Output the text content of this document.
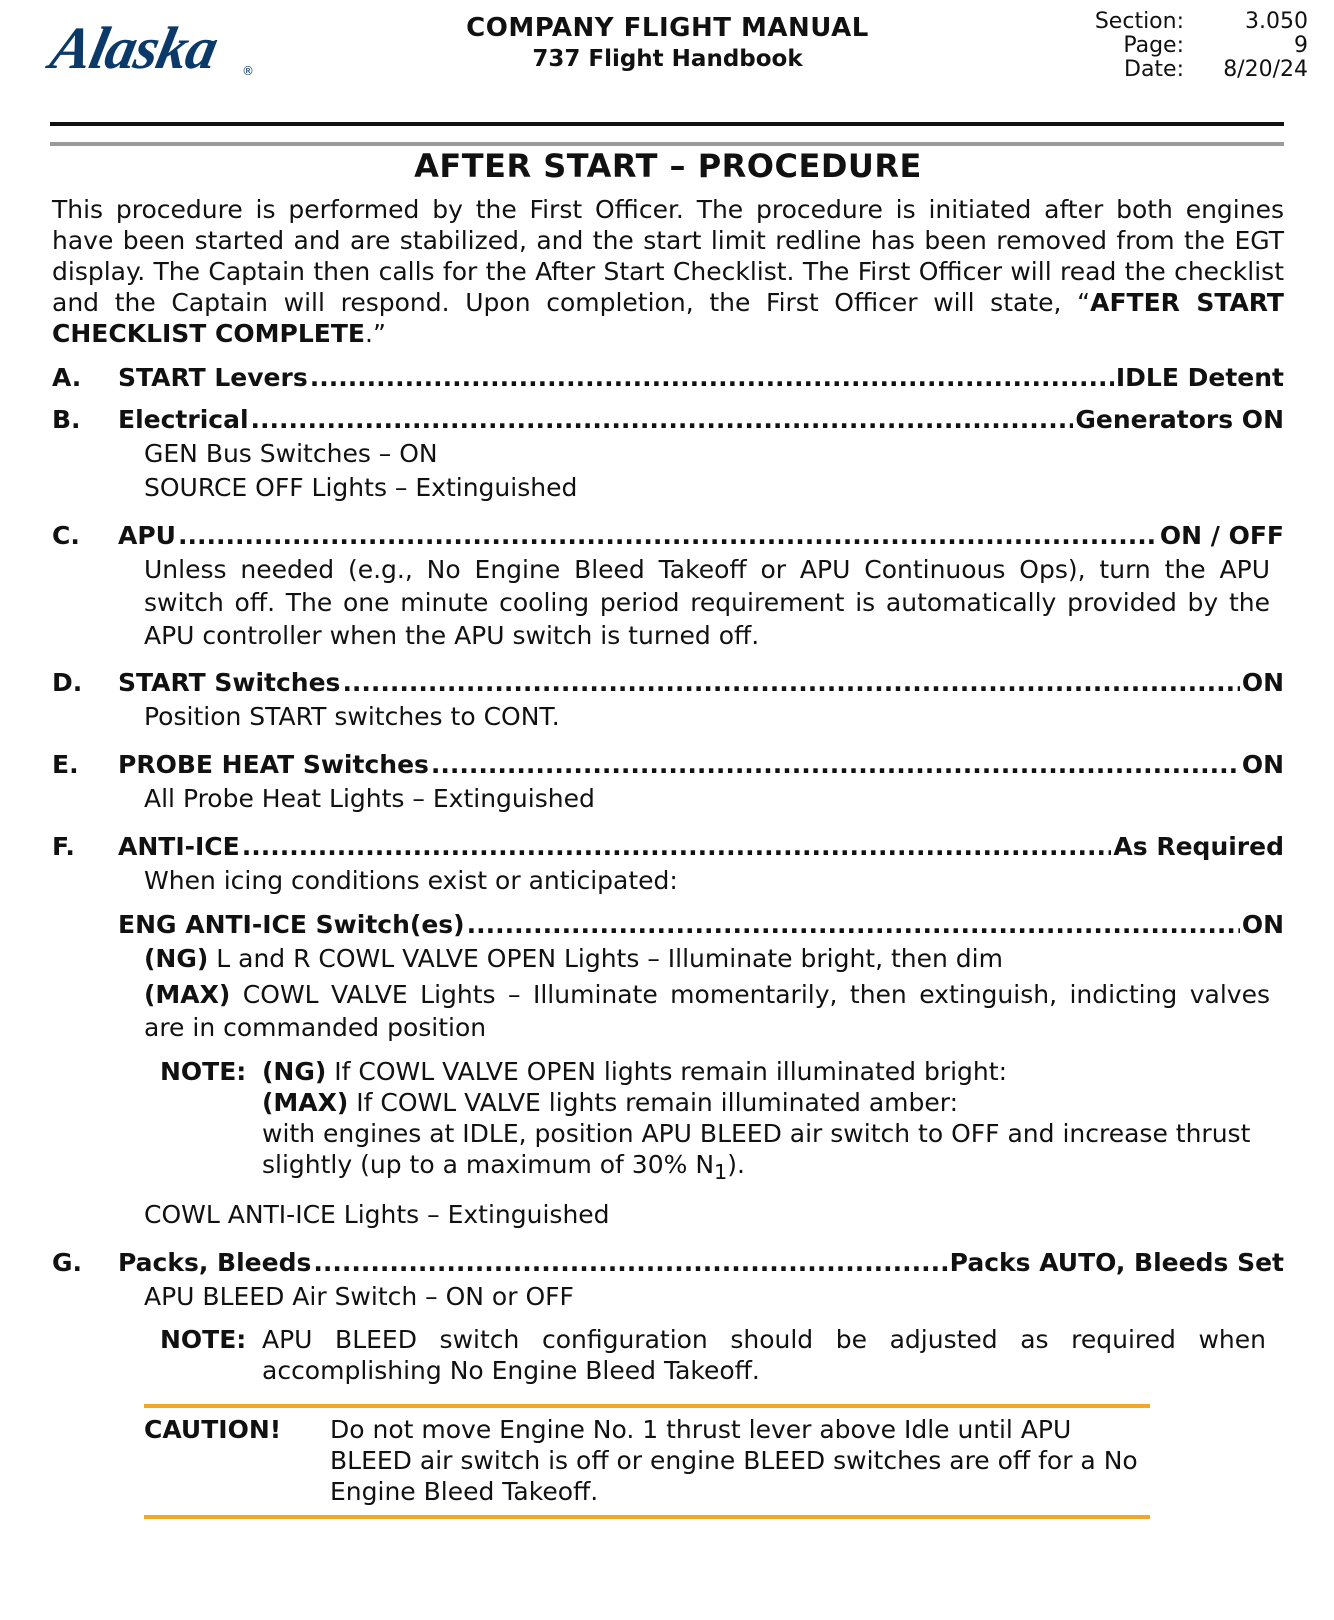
Alaska ®
COMPANY FLIGHT MANUAL
737 Flight Handbook
Section:	3.050
Page:	9
Date:	8/20/24
AFTER START – PROCEDURE

This procedure is performed by the First Officer. The procedure is initiated after both engines have been started and are stabilized, and the start limit redline has been removed from the EGT display. The Captain then calls for the After Start Checklist. The First Officer will read the checklist and the Captain will respond. Upon completion, the First Officer will state, “AFTER START CHECKLIST COMPLETE.”

A.	START Levers .....	IDLE Detent
B.	Electrical .....	Generators ON
GEN Bus Switches – ON
SOURCE OFF Lights – Extinguished
C.	APU .....	ON / OFF
Unless needed (e.g., No Engine Bleed Takeoff or APU Continuous Ops), turn the APU switch off. The one minute cooling period requirement is automatically provided by the APU controller when the APU switch is turned off.
D.	START Switches .....	ON
Position START switches to CONT.
E.	PROBE HEAT Switches .....	ON
All Probe Heat Lights – Extinguished
F.	ANTI-ICE .....	As Required
When icing conditions exist or anticipated:
ENG ANTI-ICE Switch(es) .....	ON
(NG) L and R COWL VALVE OPEN Lights – Illuminate bright, then dim
(MAX) COWL VALVE Lights – Illuminate momentarily, then extinguish, indicting valves are in commanded position
NOTE: (NG) If COWL VALVE OPEN lights remain illuminated bright:
(MAX) If COWL VALVE lights remain illuminated amber:
with engines at IDLE, position APU BLEED air switch to OFF and increase thrust slightly (up to a maximum of 30% $N_1$).
COWL ANTI-ICE Lights – Extinguished
G.	Packs, Bleeds .....	Packs AUTO, Bleeds Set
APU BLEED Air Switch – ON or OFF
NOTE: APU BLEED switch configuration should be adjusted as required when accomplishing No Engine Bleed Takeoff.
CAUTION!	Do not move Engine No. 1 thrust lever above Idle until APU BLEED air switch is off or engine BLEED switches are off for a No Engine Bleed Takeoff.
